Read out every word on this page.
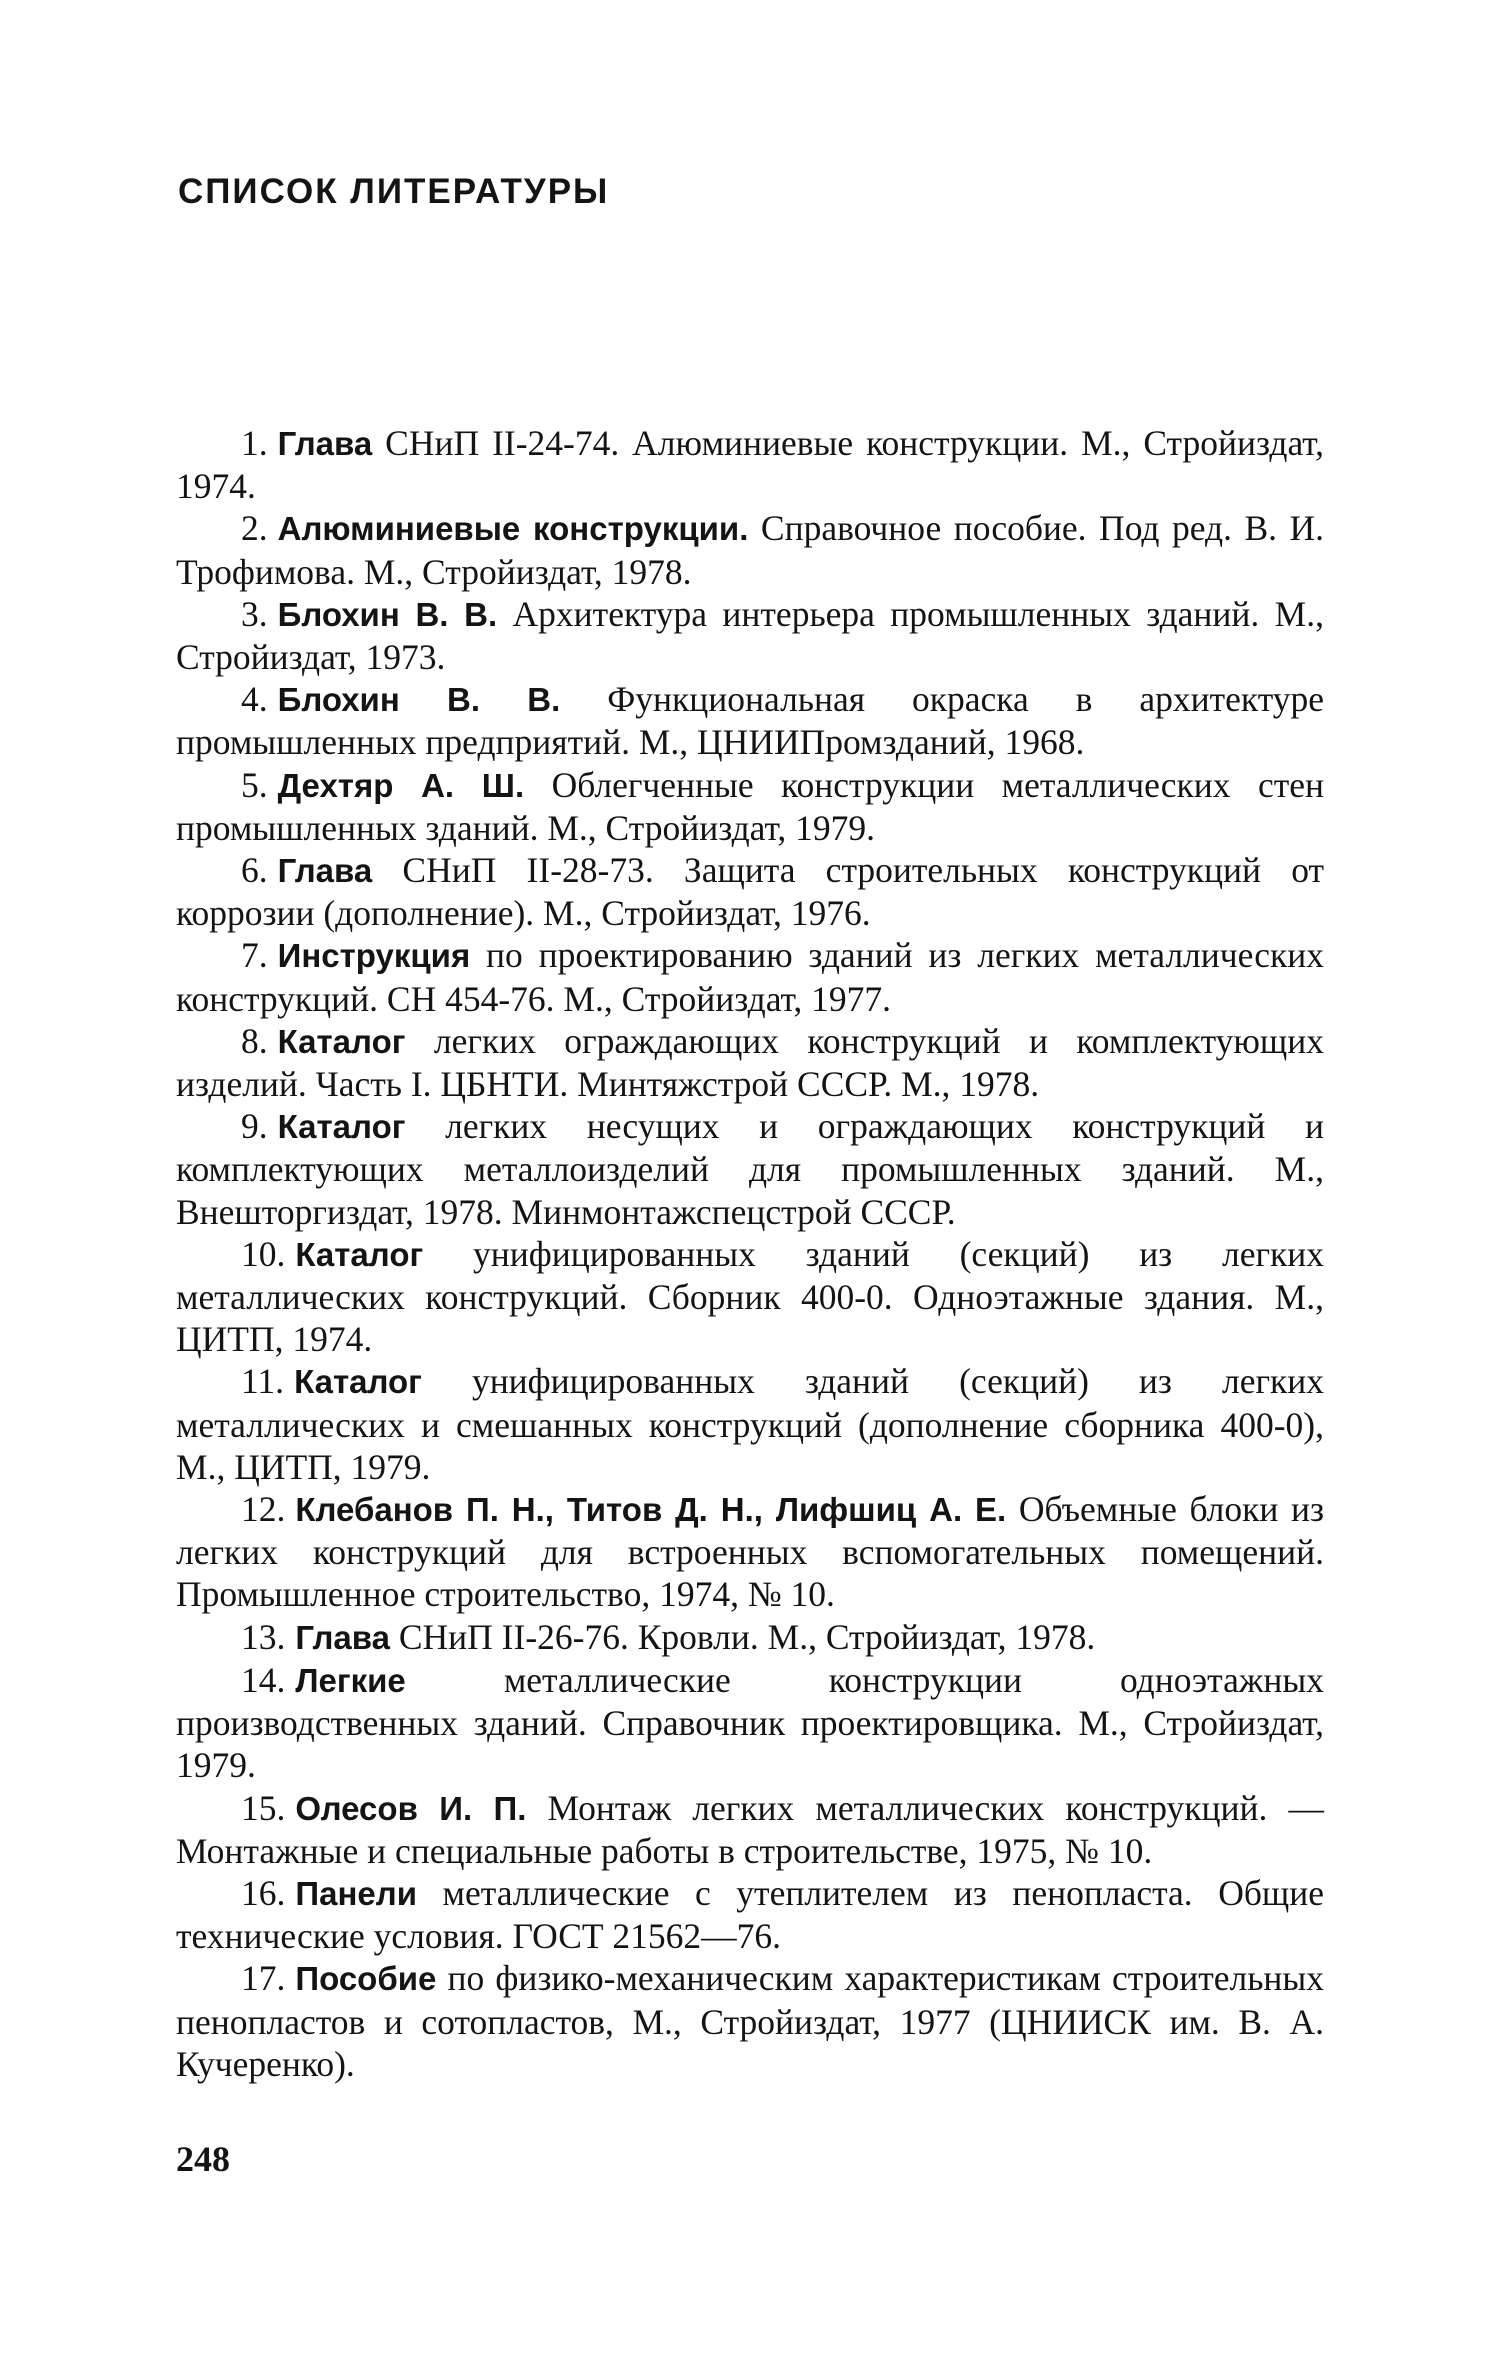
СПИСОК ЛИТЕРАТУРЫ
1. Глава СНиП II-24-74. Алюминиевые конструкции. М., Стройиздат, 1974.
2. Алюминиевые конструкции. Справочное пособие. Под ред. В. И. Трофимова. М., Стройиздат, 1978.
3. Блохин В. В. Архитектура интерьера промышленных зданий. М., Стройиздат, 1973.
4. Блохин В. В. Функциональная окраска в архитектуре промышленных предприятий. М., ЦНИИПромзданий, 1968.
5. Дехтяр А. Ш. Облегченные конструкции металлических стен промышленных зданий. М., Стройиздат, 1979.
6. Глава СНиП II-28-73. Защита строительных конструкций от коррозии (дополнение). М., Стройиздат, 1976.
7. Инструкция по проектированию зданий из легких металлических конструкций. СН 454-76. М., Стройиздат, 1977.
8. Каталог легких ограждающих конструкций и комплектующих изделий. Часть I. ЦБНТИ. Минтяжстрой СССР. М., 1978.
9. Каталог легких несущих и ограждающих конструкций и комплектующих металлоизделий для промышленных зданий. М., Внешторгиздат, 1978. Минмонтажспецстрой СССР.
10. Каталог унифицированных зданий (секций) из легких металлических конструкций. Сборник 400-0. Одноэтажные здания. М., ЦИТП, 1974.
11. Каталог унифицированных зданий (секций) из легких металлических и смешанных конструкций (дополнение сборника 400-0), М., ЦИТП, 1979.
12. Клебанов П. Н., Титов Д. Н., Лифшиц А. Е. Объемные блоки из легких конструкций для встроенных вспомогательных помещений. Промышленное строительство, 1974, № 10.
13. Глава СНиП II-26-76. Кровли. М., Стройиздат, 1978.
14. Легкие	металлические конструкции одноэтажных производственных зданий. Справочник проектировщика. М., Стройиздат, 1979.
15. Олесов И. П. Монтаж легких металлических конструкций. — Монтажные и специальные работы в строительстве, 1975, № 10.
16. Панели металлические с утеплителем из пенопласта. Общие технические условия. ГОСТ 21562—76.
17. Пособие по физико-механическим характеристикам строительных пенопластов и сотопластов, М., Стройиздат, 1977 (ЦНИИСК им. В. А. Кучеренко).
248
